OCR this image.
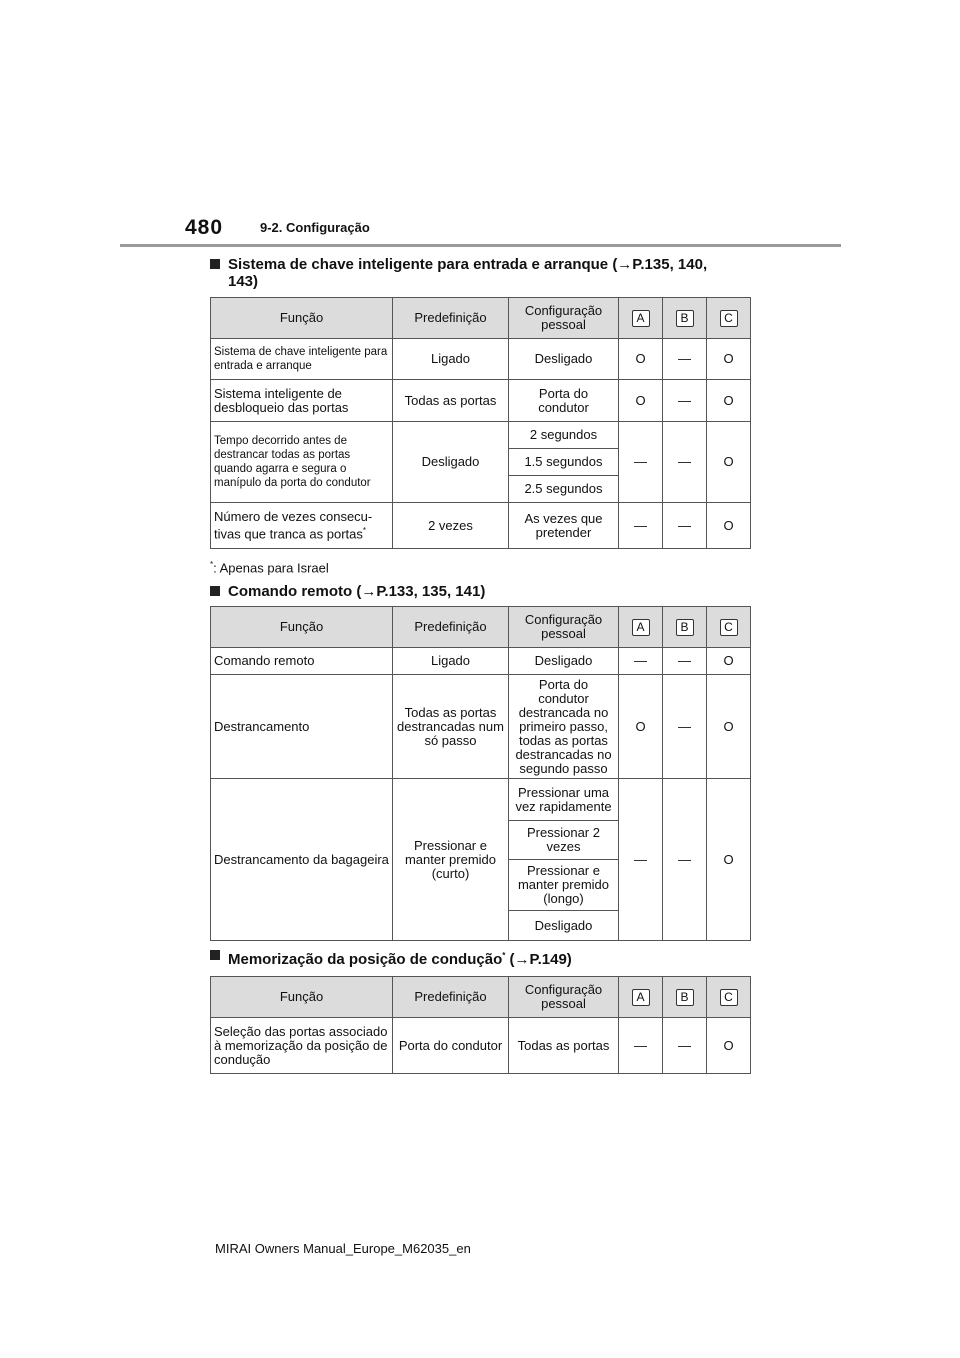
480	9-2. Configuração
Sistema de chave inteligente para entrada e arranque (→P.135, 140, 143)
Função	Predefinição	Configuração pessoal	A	B	C
Sistema de chave inteligente para entrada e arranque	Ligado	Desligado	O	—	O
Sistema inteligente de desbloqueio das portas	Todas as portas	Porta do condutor	O	—	O
Tempo decorrido antes de destrancar todas as portas quando agarra e segura o manípulo da porta do condutor	Desligado	2 segundos	—	—	O
		1.5 segundos			
		2.5 segundos			
Número de vezes consecu-tivas que tranca as portas*	2 vezes	As vezes que pretender	—	—	O
*: Apenas para Israel
Comando remoto (→P.133, 135, 141)
Função	Predefinição	Configuração pessoal	A	B	C
Comando remoto	Ligado	Desligado	—	—	O
Destrancamento	Todas as portas destrancadas num só passo	Porta do condutor destrancada no primeiro passo, todas as portas destrancadas no segundo passo	O	—	O
Destrancamento da bagageira	Pressionar e manter premido (curto)	Pressionar uma vez rapidamente	—	—	O
		Pressionar 2 vezes			
		Pressionar e manter premido (longo)			
		Desligado			
Memorização da posição de condução* (→P.149)
Função	Predefinição	Configuração pessoal	A	B	C
Seleção das portas associado à memorização da posição de condução	Porta do condutor	Todas as portas	—	—	O
MIRAI Owners Manual_Europe_M62035_en
